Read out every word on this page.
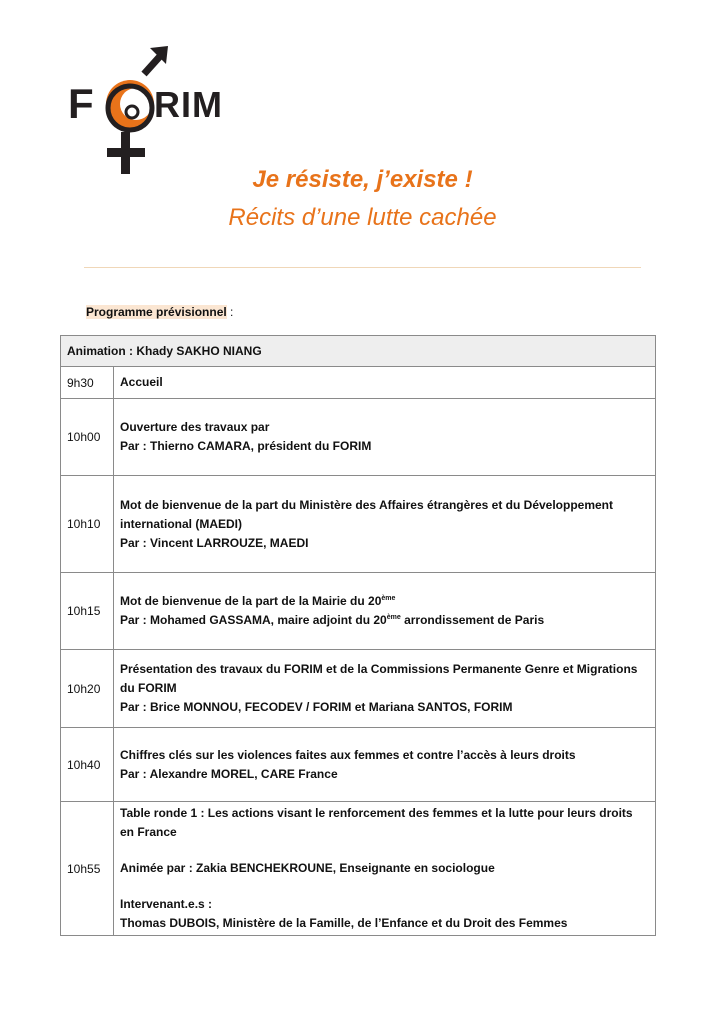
F RIM
Je résiste, j’existe !
Récits d’une lutte cachée
Programme prévisionnel :
Animation : Khady SAKHO NIANG	
9h30	Accueil
10h00	Ouverture des travaux par
Par : Thierno CAMARA, président du FORIM

10h10	Mot de bienvenue de la part du Ministère des Affaires étrangères et du Développement international (MAEDI)
Par : Vincent LARROUZE, MAEDI

10h15	Mot de bienvenue de la part de la Mairie du 20ème
Par : Mohamed GASSAMA, maire adjoint du 20ème arrondissement de Paris

10h20	Présentation des travaux du FORIM et de la Commissions Permanente Genre et Migrations du FORIM
Par : Brice MONNOU, FECODEV / FORIM et Mariana SANTOS, FORIM

10h40	Chiffres clés sur les violences faites aux femmes et contre l’accès à leurs droits
Par : Alexandre MOREL, CARE France

10h55	Table ronde 1 : Les actions visant le renforcement des femmes et la lutte pour leurs droits en France
Animée par : Zakia BENCHEKROUNE, Enseignante en sociologue
Intervenant.e.s :
Thomas DUBOIS, Ministère de la Famille, de l’Enfance et du Droit des Femmes
